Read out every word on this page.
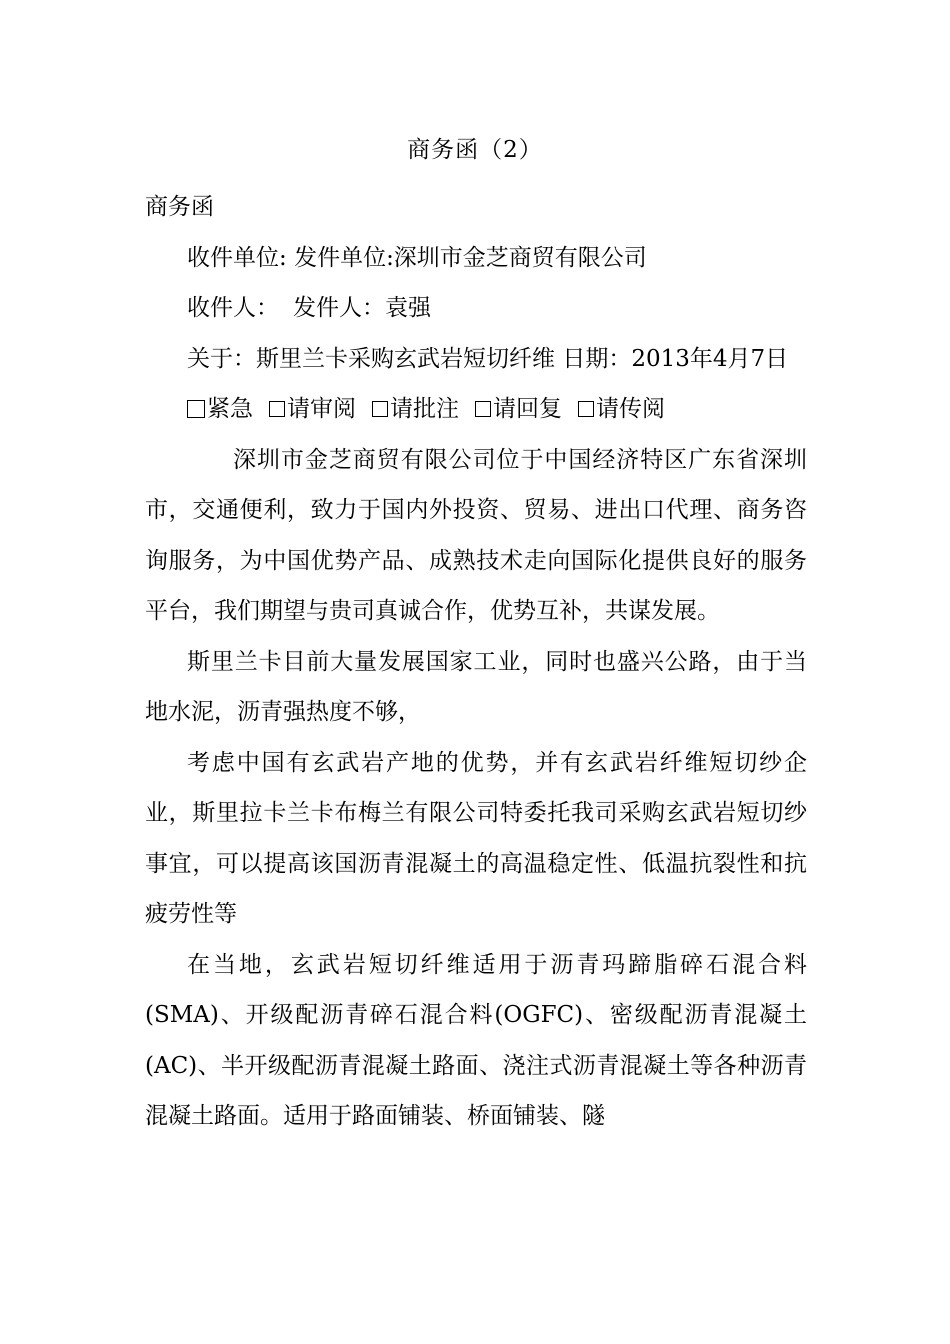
商务函（2）

商务函

收件单位: 发件单位:深圳市金芝商贸有限公司

收件人： 发件人：袁强

关于：斯里兰卡采购玄武岩短切纤维 日期：2013年4月7日

紧急 请审阅 请批注 请回复 请传阅

深圳市金芝商贸有限公司位于中国经济特区广东省深圳市，交通便利，致力于国内外投资、贸易、进出口代理、商务咨询服务，为中国优势产品、成熟技术走向国际化提供良好的服务平台，我们期望与贵司真诚合作，优势互补，共谋发展。

斯里兰卡目前大量发展国家工业，同时也盛兴公路，由于当地水泥，沥青强热度不够，

考虑中国有玄武岩产地的优势，并有玄武岩纤维短切纱企业，斯里拉卡兰卡布梅兰有限公司特委托我司采购玄武岩短切纱事宜，可以提高该国沥青混凝土的高温稳定性、低温抗裂性和抗疲劳性等

在当地，玄武岩短切纤维适用于沥青玛蹄脂碎石混合料(SMA)、开级配沥青碎石混合料(OGFC)、密级配沥青混凝土(AC)、半开级配沥青混凝土路面、浇注式沥青混凝土等各种沥青混凝土路面。适用于路面铺装、桥面铺装、隧
